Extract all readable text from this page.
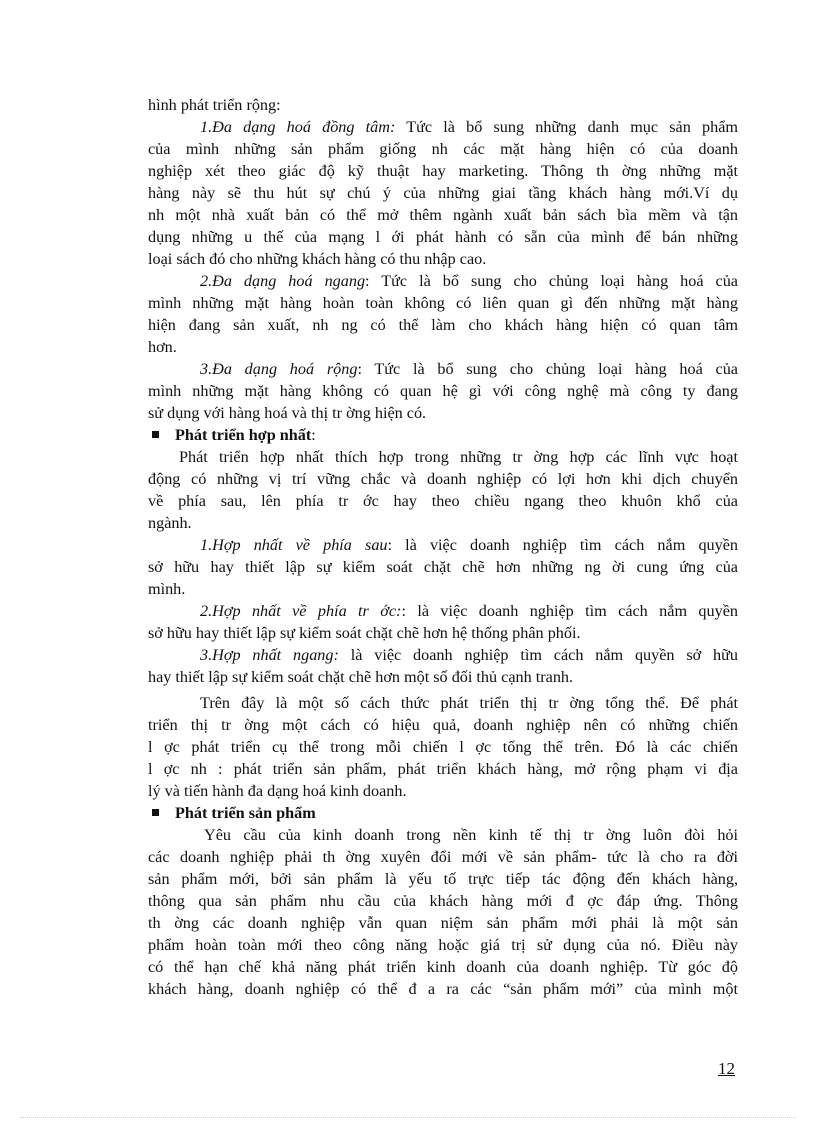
hình phát triển rộng:
1.Đa dạng hoá đồng tâm: Tức là bổ sung những danh mục sản phẩm
của mình những sản phẩm giống nh các mặt hàng hiện có của doanh
nghiệp xét theo giác độ kỹ thuật hay marketing. Thông th ờng những mặt
hàng này sẽ thu hút sự chú ý của những giai tầng khách hàng mới.Ví dụ
nh một nhà xuất bản có thể mở thêm ngành xuất bản sách bìa mềm và tận
dụng những u thế của mạng l ới phát hành có sẵn của mình để bán những
loại sách đó cho những khách hàng có thu nhập cao.
2.Đa dạng hoá ngang: Tức là bổ sung cho chủng loại hàng hoá của
mình những mặt hàng hoàn toàn không có liên quan gì đến những mặt hàng
hiện đang sản xuất, nh ng có thể làm cho khách hàng hiện có quan tâm
hơn.
3.Đa dạng hoá rộng: Tức là bổ sung cho chủng loại hàng hoá của
mình những mặt hàng không có quan hệ gì với công nghệ mà công ty đang
sử dụng với hàng hoá và thị tr ờng hiện có.
Phát triển hợp nhất:
Phát triển hợp nhất thích hợp trong những tr ờng hợp các lĩnh vực hoạt
động có những vị trí vững chắc và doanh nghiệp có lợi hơn khi dịch chuyển
về phía sau, lên phía tr ớc hay theo chiều ngang theo khuôn khổ của
ngành.
1.Hợp nhất về phía sau: là việc doanh nghiệp tìm cách nắm quyền
sở hữu hay thiết lập sự kiểm soát chặt chẽ hơn những ng ời cung ứng của
mình.
2.Hợp nhất về phía tr ớc:: là việc doanh nghiệp tìm cách nắm quyền
sở hữu hay thiết lập sự kiểm soát chặt chẽ hơn hệ thống phân phối.
3.Hợp nhất ngang: là việc doanh nghiệp tìm cách nắm quyền sở hữu
hay thiết lập sự kiểm soát chặt chẽ hơn một số đối thủ cạnh tranh.
Trên đây là một số cách thức phát triển thị tr ờng tổng thể. Để phát
triển thị tr ờng một cách có hiệu quả, doanh nghiệp nên có những chiến
l ợc phát triển cụ thể trong mỗi chiến l ợc tổng thể trên. Đó là các chiến
l ợc nh : phát triển sản phẩm, phát triển khách hàng, mở rộng phạm vi địa
lý và tiến hành đa dạng hoá kinh doanh.
Phát triển sản phẩm
Yêu cầu của kinh doanh trong nền kinh tế thị tr ờng luôn đòi hỏi
các doanh nghiệp phải th ờng xuyên đổi mới về sản phẩm- tức là cho ra đời
sản phẩm mới, bởi sản phẩm là yếu tố trực tiếp tác động đến khách hàng,
thông qua sản phẩm nhu cầu của khách hàng mới đ ợc đáp ứng. Thông
th ờng các doanh nghiệp vẫn quan niệm sản phẩm mới phải là một sản
phẩm hoàn toàn mới theo công năng hoặc giá trị sử dụng của nó. Điều này
có thể hạn chế khả năng phát triển kinh doanh của doanh nghiệp. Từ góc độ
khách hàng, doanh nghiệp có thể đ a ra các “sản phẩm mới” của mình một
12
